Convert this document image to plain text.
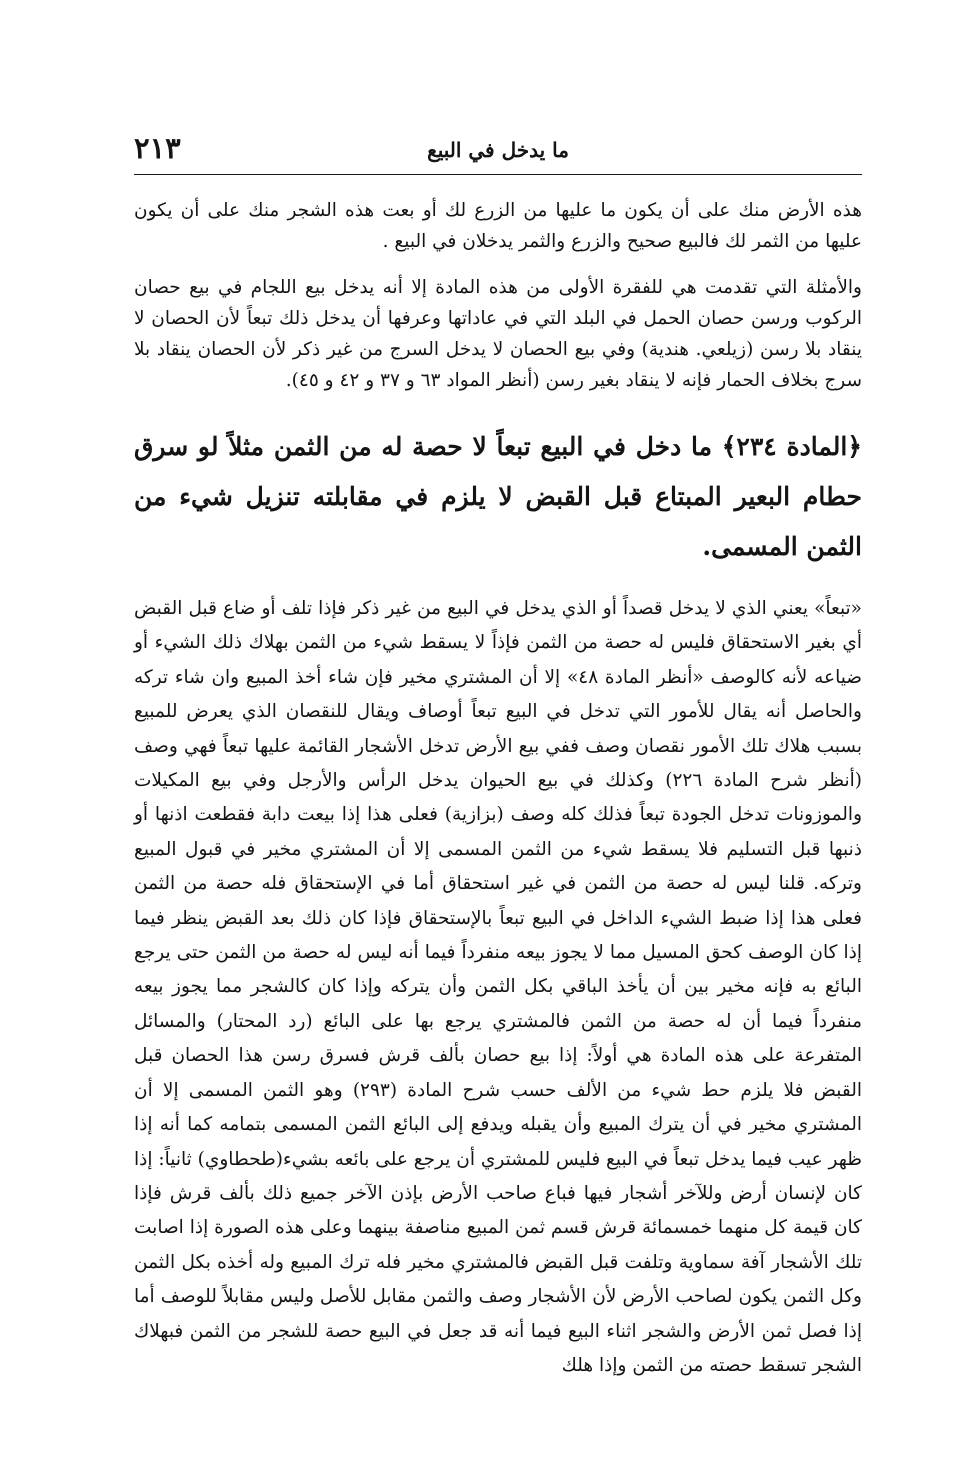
٢١٣	ما يدخل في البيع

هذه الأرض منك على أن يكون ما عليها من الزرع لك أو بعت هذه الشجر منك على أن يكون عليها من الثمر لك فالبيع صحيح والزرع والثمر يدخلان في البيع .

والأمثلة التي تقدمت هي للفقرة الأولى من هذه المادة إلا أنه يدخل بيع اللجام في بيع حصان الركوب ورسن حصان الحمل في البلد التي في عاداتها وعرفها أن يدخل ذلك تبعاً لأن الحصان لا ينقاد بلا رسن (زيلعي. هندية) وفي بيع الحصان لا يدخل السرج من غير ذكر لأن الحصان ينقاد بلا سرج بخلاف الحمار فإنه لا ينقاد بغير رسن (أنظر المواد ٦٣ و ٣٧ و ٤٢ و ٤٥).

﴿المادة ٢٣٤﴾ ما دخل في البيع تبعاً لا حصة له من الثمن مثلاً لو سرق حطام البعير المبتاع قبل القبض لا يلزم في مقابلته تنزيل شيء من الثمن المسمى.

«تبعاً» يعني الذي لا يدخل قصداً أو الذي يدخل في البيع من غير ذكر فإذا تلف أو ضاع قبل القبض أي بغير الاستحقاق فليس له حصة من الثمن فإذاً لا يسقط شيء من الثمن بهلاك ذلك الشيء أو ضياعه لأنه كالوصف «أنظر المادة ٤٨» إلا أن المشتري مخير فإن شاء أخذ المبيع وان شاء تركه والحاصل أنه يقال للأمور التي تدخل في البيع تبعاً أوصاف ويقال للنقصان الذي يعرض للمبيع بسبب هلاك تلك الأمور نقصان وصف ففي بيع الأرض تدخل الأشجار القائمة عليها تبعاً فهي وصف (أنظر شرح المادة ٢٢٦) وكذلك في بيع الحيوان يدخل الرأس والأرجل وفي بيع المكيلات والموزونات تدخل الجودة تبعاً فذلك كله وصف (بزازية) فعلى هذا إذا بيعت دابة فقطعت اذنها أو ذنبها قبل التسليم فلا يسقط شيء من الثمن المسمى إلا أن المشتري مخير في قبول المبيع وتركه. قلنا ليس له حصة من الثمن في غير استحقاق أما في الإستحقاق فله حصة من الثمن فعلى هذا إذا ضبط الشيء الداخل في البيع تبعاً بالإستحقاق فإذا كان ذلك بعد القبض ينظر فيما إذا كان الوصف كحق المسيل مما لا يجوز بيعه منفرداً فيما أنه ليس له حصة من الثمن حتى يرجع البائع به فإنه مخير بين أن يأخذ الباقي بكل الثمن وأن يتركه وإذا كان كالشجر مما يجوز بيعه منفرداً فيما أن له حصة من الثمن فالمشتري يرجع بها على البائع (رد المحتار) والمسائل المتفرعة على هذه المادة هي أولاً: إذا بيع حصان بألف قرش فسرق رسن هذا الحصان قبل القبض فلا يلزم حط شيء من الألف حسب شرح المادة (٢٩٣) وهو الثمن المسمى إلا أن المشتري مخير في أن يترك المبيع وأن يقبله ويدفع إلى البائع الثمن المسمى بتمامه كما أنه إذا ظهر عيب فيما يدخل تبعاً في البيع فليس للمشتري أن يرجع على بائعه بشيء(طحطاوي) ثانياً: إذا كان لإنسان أرض وللآخر أشجار فيها فباع صاحب الأرض بإذن الآخر جميع ذلك بألف قرش فإذا كان قيمة كل منهما خمسمائة قرش قسم ثمن المبيع مناصفة بينهما وعلى هذه الصورة إذا اصابت تلك الأشجار آفة سماوية وتلفت قبل القبض فالمشتري مخير فله ترك المبيع وله أخذه بكل الثمن وكل الثمن يكون لصاحب الأرض لأن الأشجار وصف والثمن مقابل للأصل وليس مقابلاً للوصف أما إذا فصل ثمن الأرض والشجر اثناء البيع فيما أنه قد جعل في البيع حصة للشجر من الثمن فبهلاك الشجر تسقط حصته من الثمن وإذا هلك
